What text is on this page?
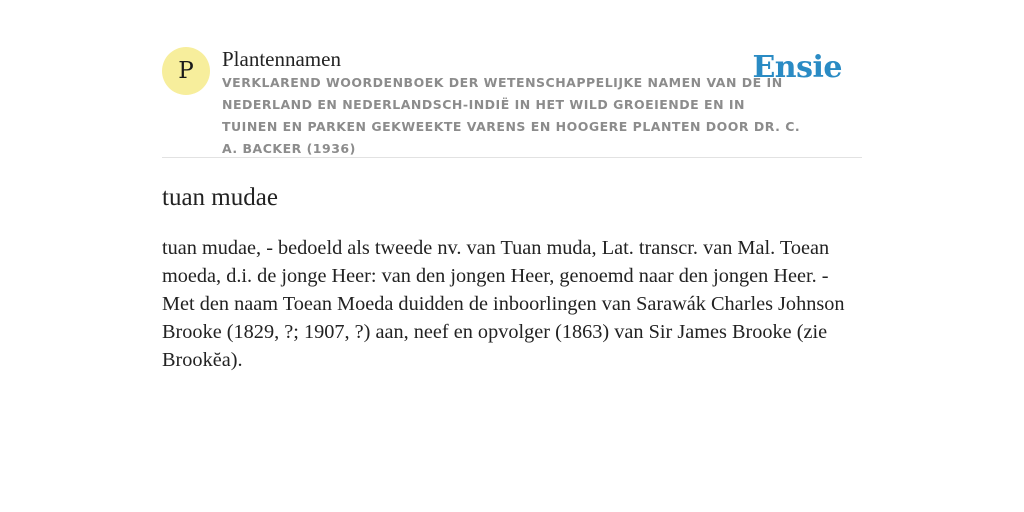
P	Plantennamen
VERKLAREND WOORDENBOEK DER WETENSCHAPPELIJKE NAMEN VAN DE IN NEDERLAND EN NEDERLANDSCH-INDIË IN HET WILD GROEIENDE EN IN TUINEN EN PARKEN GEKWEEKTE VARENS EN HOOGERE PLANTEN DOOR DR. C. A. BACKER (1936)
Ensie
tuan mudae

tuan mudae, - bedoeld als tweede nv. van Tuan muda, Lat. transcr. van Mal. Toean moeda, d.i. de jonge Heer: van den jongen Heer, genoemd naar den jongen Heer. - Met den naam Toean Moeda duidden de inboorlingen van Sarawák Charles Johnson Brooke (1829, ?; 1907, ?) aan, neef en opvolger (1863) van Sir James Brooke (zie Brookĕa).
